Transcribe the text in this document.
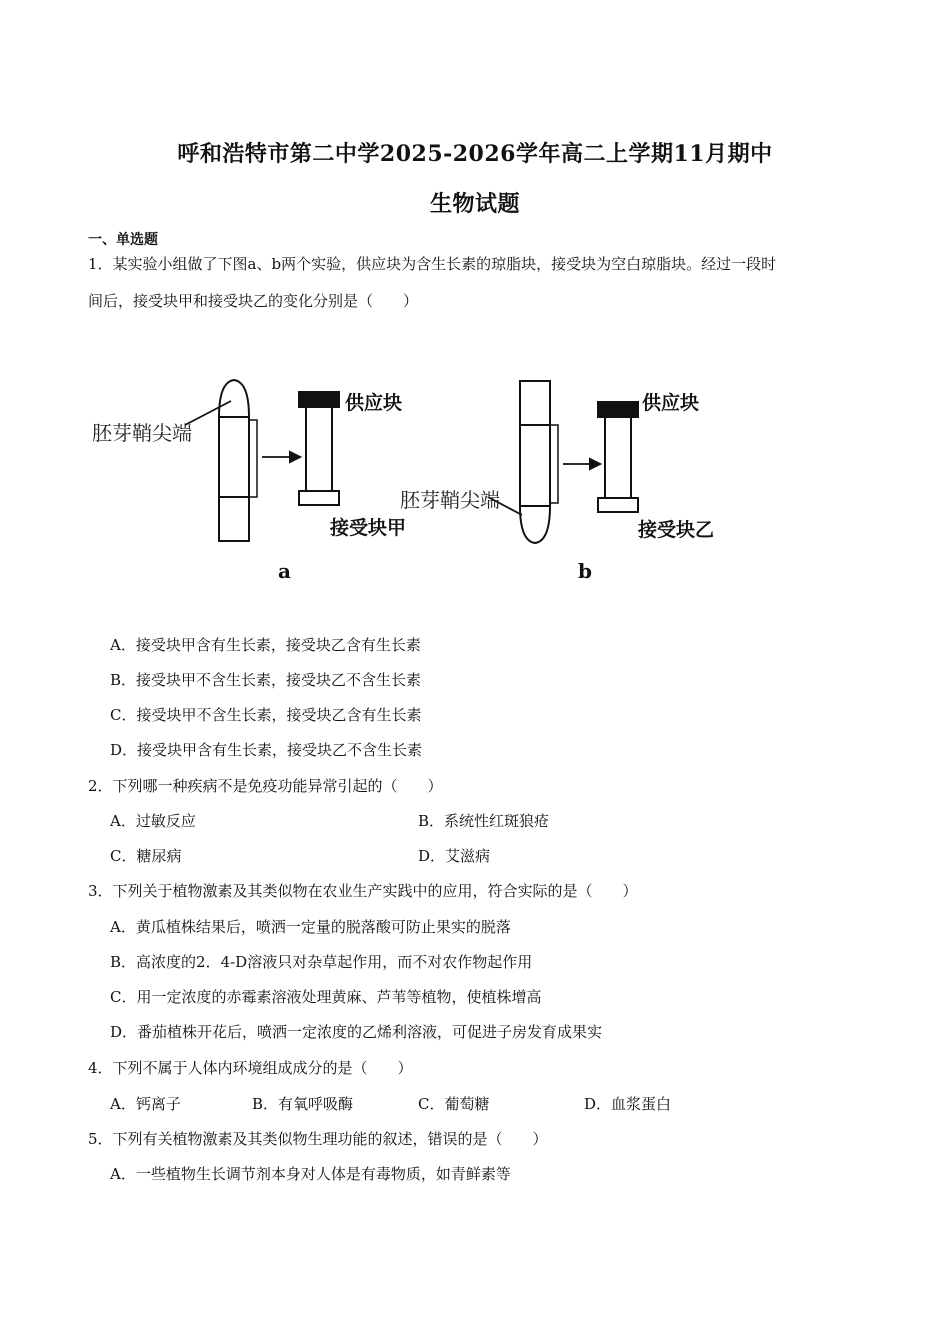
呼和浩特市第二中学2025-2026学年高二上学期11月期中
生物试题
一、单选题
1．某实验小组做了下图a、b两个实验，供应块为含生长素的琼脂块，接受块为空白琼脂块。经过一段时
间后，接受块甲和接受块乙的变化分别是（　　）
胚芽鞘尖端
供应块
接受块甲
a
胚芽鞘尖端
供应块
接受块乙
b
A．接受块甲含有生长素，接受块乙含有生长素
B．接受块甲不含生长素，接受块乙不含生长素
C．接受块甲不含生长素，接受块乙含有生长素
D．接受块甲含有生长素，接受块乙不含生长素
2．下列哪一种疾病不是免疫功能异常引起的（　　）
A．过敏反应	B．系统性红斑狼疮
C．糖尿病	D．艾滋病
3．下列关于植物激素及其类似物在农业生产实践中的应用，符合实际的是（　　）
A．黄瓜植株结果后，喷洒一定量的脱落酸可防止果实的脱落
B．高浓度的2．4-D溶液只对杂草起作用，而不对农作物起作用
C．用一定浓度的赤霉素溶液处理黄麻、芦苇等植物，使植株增高
D．番茄植株开花后，喷洒一定浓度的乙烯利溶液，可促进子房发育成果实
4．下列不属于人体内环境组成成分的是（　　）
A．钙离子	B．有氧呼吸酶	C．葡萄糖	D．血浆蛋白
5．下列有关植物激素及其类似物生理功能的叙述，错误的是（　　）
A．一些植物生长调节剂本身对人体是有毒物质，如青鲜素等
